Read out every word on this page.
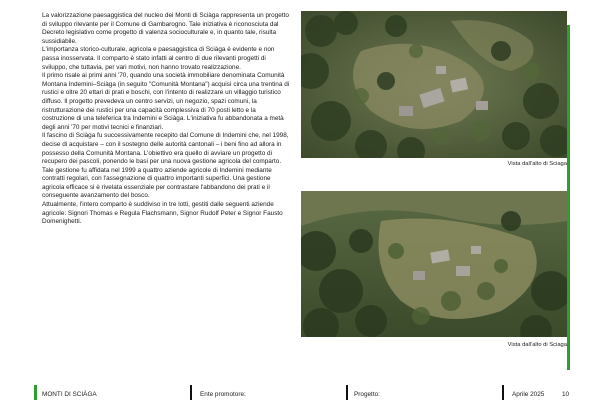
La valorizzazione paesaggistica del nucleo dei Monti di Sciàga rappresenta un progetto di sviluppo rilevante per il Comune di Gambarogno. Tale iniziativa è riconosciuta dal Decreto legislativo come progetto di valenza socioculturale e, in quanto tale, risulta sussidiabile.

L'importanza storico-culturale, agricola e paesaggistica di Sciàga è evidente e non passa inosservata. Il comparto è stato infatti al centro di due rilevanti progetti di sviluppo, che tuttavia, per vari motivi, non hanno trovato realizzazione.

Il primo risale ai primi anni '70, quando una società immobiliare denominata Comunità Montana Indemini–Sciàga (in seguito "Comunità Montana") acquisì circa una trentina di rustici e oltre 20 ettari di prati e boschi, con l'intento di realizzare un villaggio turistico diffuso. Il progetto prevedeva un centro servizi, un negozio, spazi comuni, la ristrutturazione dei rustici per una capacità complessiva di 70 posti letto e la costruzione di una teleferica tra Indemini e Sciàga. L'iniziativa fu abbandonata a metà degli anni '70 per motivi tecnici e finanziari.

Il fascino di Sciàga fu successivamente recepito dal Comune di Indemini che, nel 1998, decise di acquistare – con il sostegno delle autorità cantonali – i beni fino ad allora in possesso della Comunità Montana. L'obiettivo era quello di avviare un progetto di recupero dei pascoli, ponendo le basi per una nuova gestione agricola del comparto. Tale gestione fu affidata nel 1999 a quattro aziende agricole di Indemini mediante contratti regolari, con l'assegnazione di quattro importanti superfici. Una gestione agricola efficace si è rivelata essenziale per contrastare l'abbandono dei prati e il conseguente avanzamento del bosco.

Attualmente, l'intero comparto è suddiviso in tre lotti, gestiti dalle seguenti aziende agricole: Signori Thomas e Regula Flachsmann, Signor Rudolf Peter e Signor Fausto Domenighetti.

Vista dall'alto di Sciaga
Vista dall'alto di Sciaga
MONTI DI SCIÀGA	Ente promotore:	Progetto:	Aprile 2025	10
